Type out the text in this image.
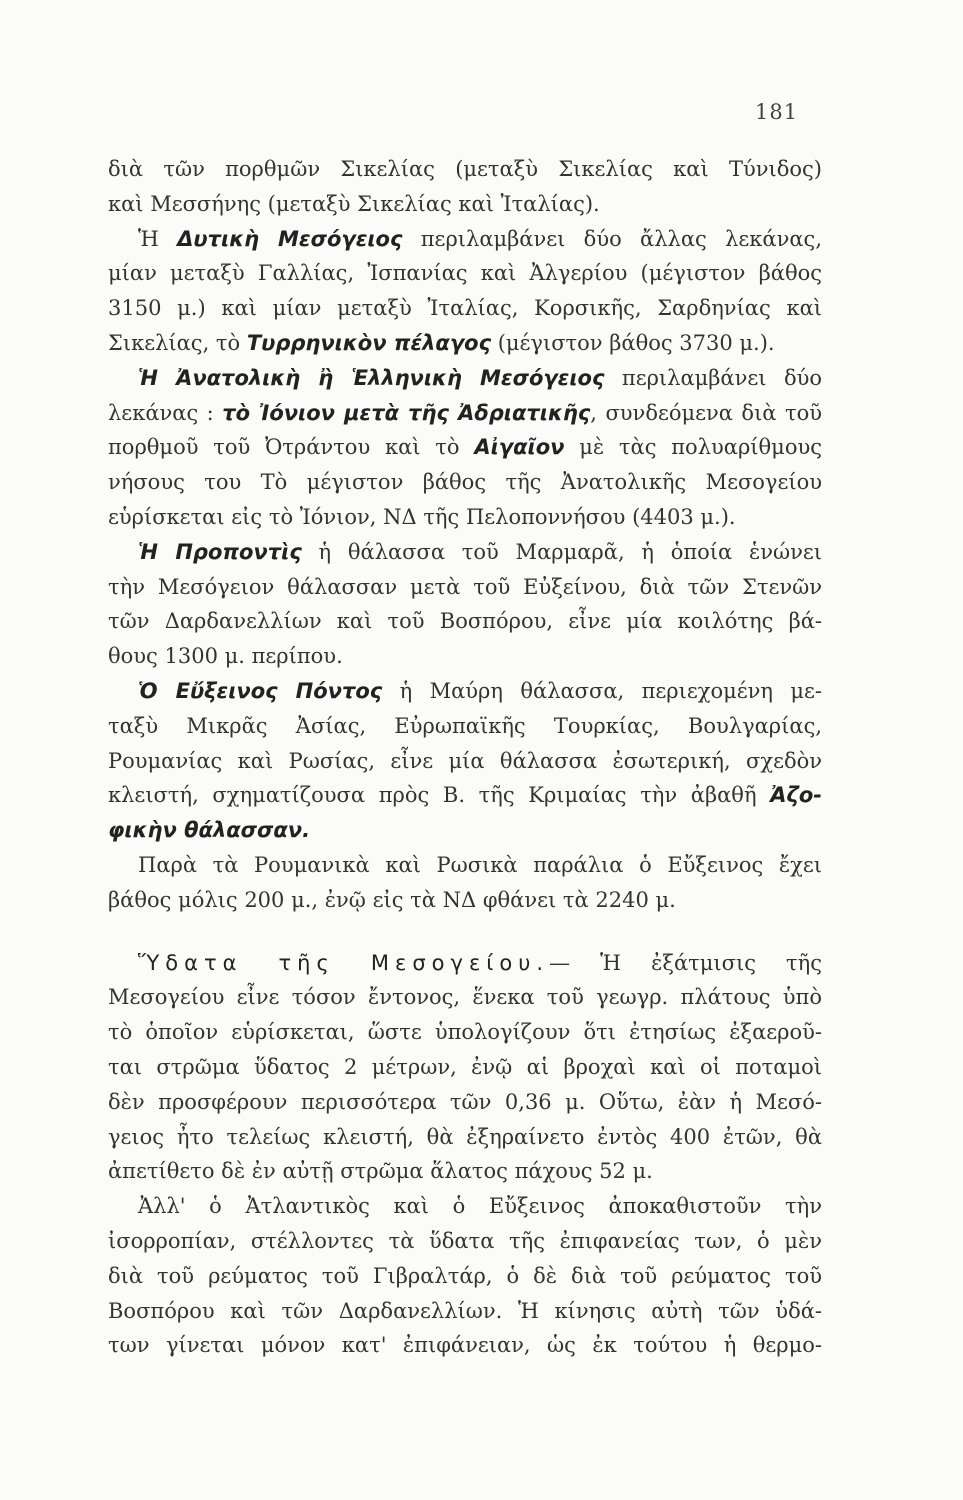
181
διὰ τῶν πορθμῶν Σικελίας (μεταξὺ Σικελίας καὶ Τύνιδος)
καὶ Μεσσήνης (μεταξὺ Σικελίας καὶ Ἰταλίας).
Ἡ Δυτικὴ Μεσόγειος περιλαμβάνει δύο ἄλλας λεκάνας,
μίαν μεταξὺ Γαλλίας, Ἰσπανίας καὶ Ἀλγερίου (μέγιστον βάθος
3150 μ.) καὶ μίαν μεταξὺ Ἰταλίας, Κορσικῆς, Σαρδηνίας καὶ
Σικελίας, τὸ Τυρρηνικὸν πέλαγος (μέγιστον βάθος 3730 μ.).
Ἡ Ἀνατολικὴ ἢ Ἑλληνικὴ Μεσόγειος περιλαμβάνει δύο
λεκάνας : τὸ Ἰόνιον μετὰ τῆς Ἀδριατικῆς, συνδεόμενα διὰ τοῦ
πορθμοῦ τοῦ Ὀτράντου καὶ τὸ Αἰγαῖον μὲ τὰς πολυαρίθμους
νήσους του Τὸ μέγιστον βάθος τῆς Ἀνατολικῆς Μεσογείου
εὑρίσκεται εἰς τὸ Ἰόνιον, ΝΔ τῆς Πελοποννήσου (4403 μ.).
Ἡ Προποντὶς ἡ θάλασσα τοῦ Μαρμαρᾶ, ἡ ὁποία ἑνώνει
τὴν Μεσόγειον θάλασσαν μετὰ τοῦ Εὐξείνου, διὰ τῶν Στενῶν
τῶν Δαρδανελλίων καὶ τοῦ Βοσπόρου, εἶνε μία κοιλότης βά-
θους 1300 μ. περίπου.
Ὁ Εὔξεινος Πόντος ἡ Μαύρη θάλασσα, περιεχομένη με-
ταξὺ Μικρᾶς Ἀσίας, Εὐρωπαϊκῆς Τουρκίας, Βουλγαρίας,
Ρουμανίας καὶ Ρωσίας, εἶνε μία θάλασσα ἐσωτερική, σχεδὸν
κλειστή, σχηματίζουσα πρὸς Β. τῆς Κριμαίας τὴν ἀβαθῆ Ἀζο-
φικὴν θάλασσαν.
Παρὰ τὰ Ρουμανικὰ καὶ Ρωσικὰ παράλια ὁ Εὔξεινος ἔχει
βάθος μόλις 200 μ., ἐνῷ εἰς τὰ ΝΔ φθάνει τὰ 2240 μ.
Ὕδατα τῆς Μεσογείου.— Ἡ ἐξάτμισις τῆς
Μεσογείου εἶνε τόσον ἔντονος, ἕνεκα τοῦ γεωγρ. πλάτους ὑπὸ
τὸ ὁποῖον εὑρίσκεται, ὥστε ὑπολογίζουν ὅτι ἐτησίως ἐξαεροῦ-
ται στρῶμα ὕδατος 2 μέτρων, ἐνῷ αἱ βροχαὶ καὶ οἱ ποταμοὶ
δὲν προσφέρουν περισσότερα τῶν 0,36 μ. Οὕτω, ἐὰν ἡ Μεσό-
γειος ἦτο τελείως κλειστή, θὰ ἐξηραίνετο ἐντὸς 400 ἐτῶν, θὰ
ἀπετίθετο δὲ ἐν αὐτῇ στρῶμα ἅλατος πάχους 52 μ.
Ἀλλ' ὁ Ἀτλαντικὸς καὶ ὁ Εὔξεινος ἀποκαθιστοῦν τὴν
ἰσορροπίαν, στέλλοντες τὰ ὕδατα τῆς ἐπιφανείας των, ὁ μὲν
διὰ τοῦ ρεύματος τοῦ Γιβραλτάρ, ὁ δὲ διὰ τοῦ ρεύματος τοῦ
Βοσπόρου καὶ τῶν Δαρδανελλίων. Ἡ κίνησις αὐτὴ τῶν ὑδά-
των γίνεται μόνον κατ' ἐπιφάνειαν, ὡς ἐκ τούτου ἡ θερμο-
